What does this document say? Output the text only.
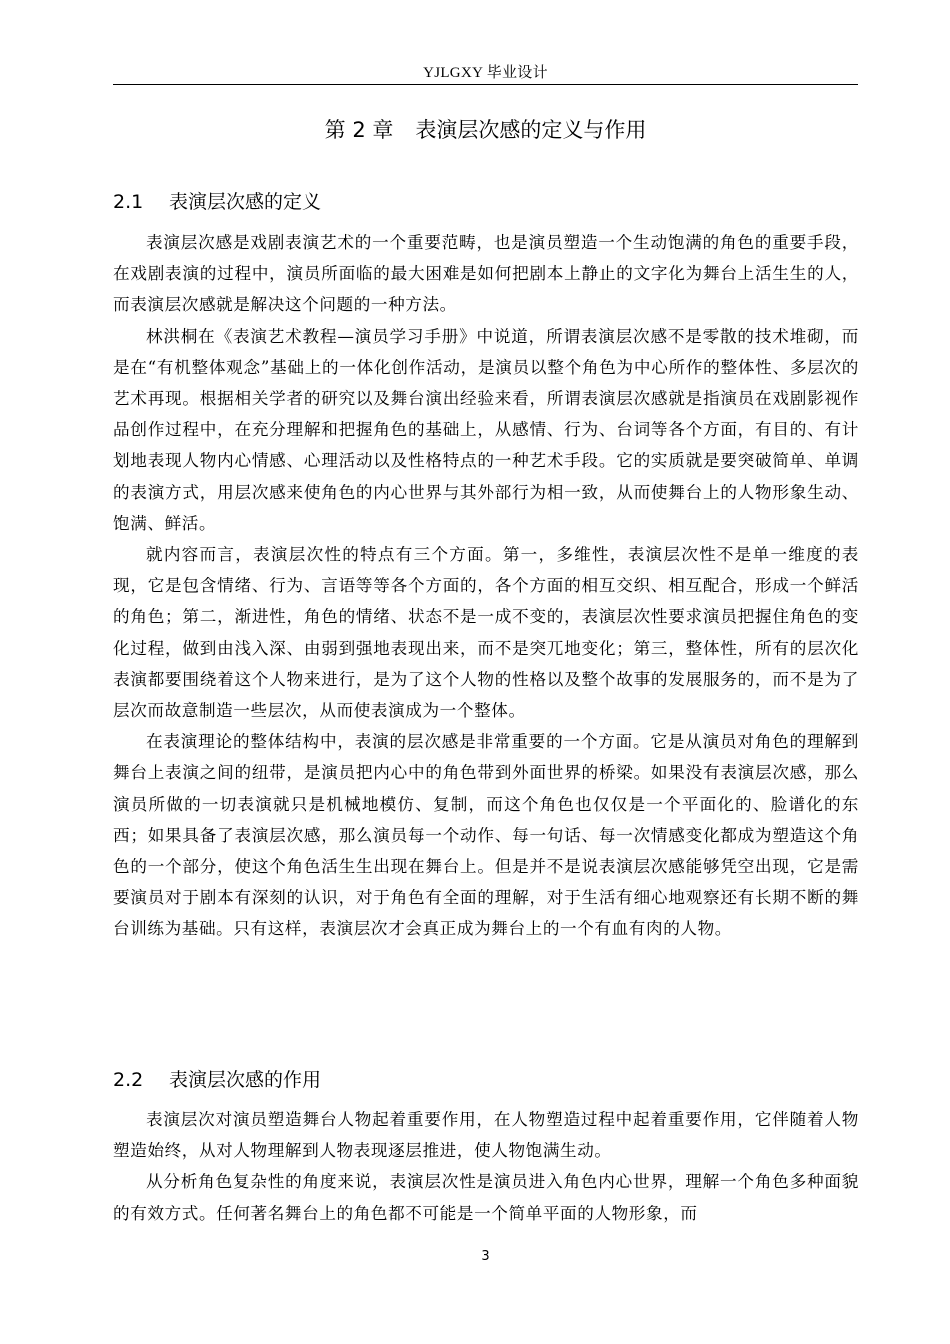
YJLGXY 毕业设计
第 2 章 表演层次感的定义与作用
2.1 表演层次感的定义

表演层次感是戏剧表演艺术的一个重要范畴，也是演员塑造一个生动饱满的角色的重要手段，在戏剧表演的过程中，演员所面临的最大困难是如何把剧本上静止的文字化为舞台上活生生的人，而表演层次感就是解决这个问题的一种方法。

林洪桐在《表演艺术教程—演员学习手册》中说道，所谓表演层次感不是零散的技术堆砌，而是在“有机整体观念”基础上的一体化创作活动，是演员以整个角色为中心所作的整体性、多层次的艺术再现。根据相关学者的研究以及舞台演出经验来看，所谓表演层次感就是指演员在戏剧影视作品创作过程中，在充分理解和把握角色的基础上，从感情、行为、台词等各个方面，有目的、有计划地表现人物内心情感、心理活动以及性格特点的一种艺术手段。它的实质就是要突破简单、单调的表演方式，用层次感来使角色的内心世界与其外部行为相一致，从而使舞台上的人物形象生动、饱满、鲜活。

就内容而言，表演层次性的特点有三个方面。第一，多维性，表演层次性不是单一维度的表现，它是包含情绪、行为、言语等等各个方面的，各个方面的相互交织、相互配合，形成一个鲜活的角色；第二，渐进性，角色的情绪、状态不是一成不变的，表演层次性要求演员把握住角色的变化过程，做到由浅入深、由弱到强地表现出来，而不是突兀地变化；第三，整体性，所有的层次化表演都要围绕着这个人物来进行，是为了这个人物的性格以及整个故事的发展服务的，而不是为了层次而故意制造一些层次，从而使表演成为一个整体。

在表演理论的整体结构中，表演的层次感是非常重要的一个方面。它是从演员对角色的理解到舞台上表演之间的纽带，是演员把内心中的角色带到外面世界的桥梁。如果没有表演层次感，那么演员所做的一切表演就只是机械地模仿、复制，而这个角色也仅仅是一个平面化的、脸谱化的东西；如果具备了表演层次感，那么演员每一个动作、每一句话、每一次情感变化都成为塑造这个角色的一个部分，使这个角色活生生出现在舞台上。但是并不是说表演层次感能够凭空出现，它是需要演员对于剧本有深刻的认识，对于角色有全面的理解，对于生活有细心地观察还有长期不断的舞台训练为基础。只有这样，表演层次才会真正成为舞台上的一个有血有肉的人物。

2.2 表演层次感的作用

表演层次对演员塑造舞台人物起着重要作用，在人物塑造过程中起着重要作用，它伴随着人物塑造始终，从对人物理解到人物表现逐层推进，使人物饱满生动。

从分析角色复杂性的角度来说，表演层次性是演员进入角色内心世界，理解一个角色多种面貌的有效方式。任何著名舞台上的角色都不可能是一个简单平面的人物形象，而

3
